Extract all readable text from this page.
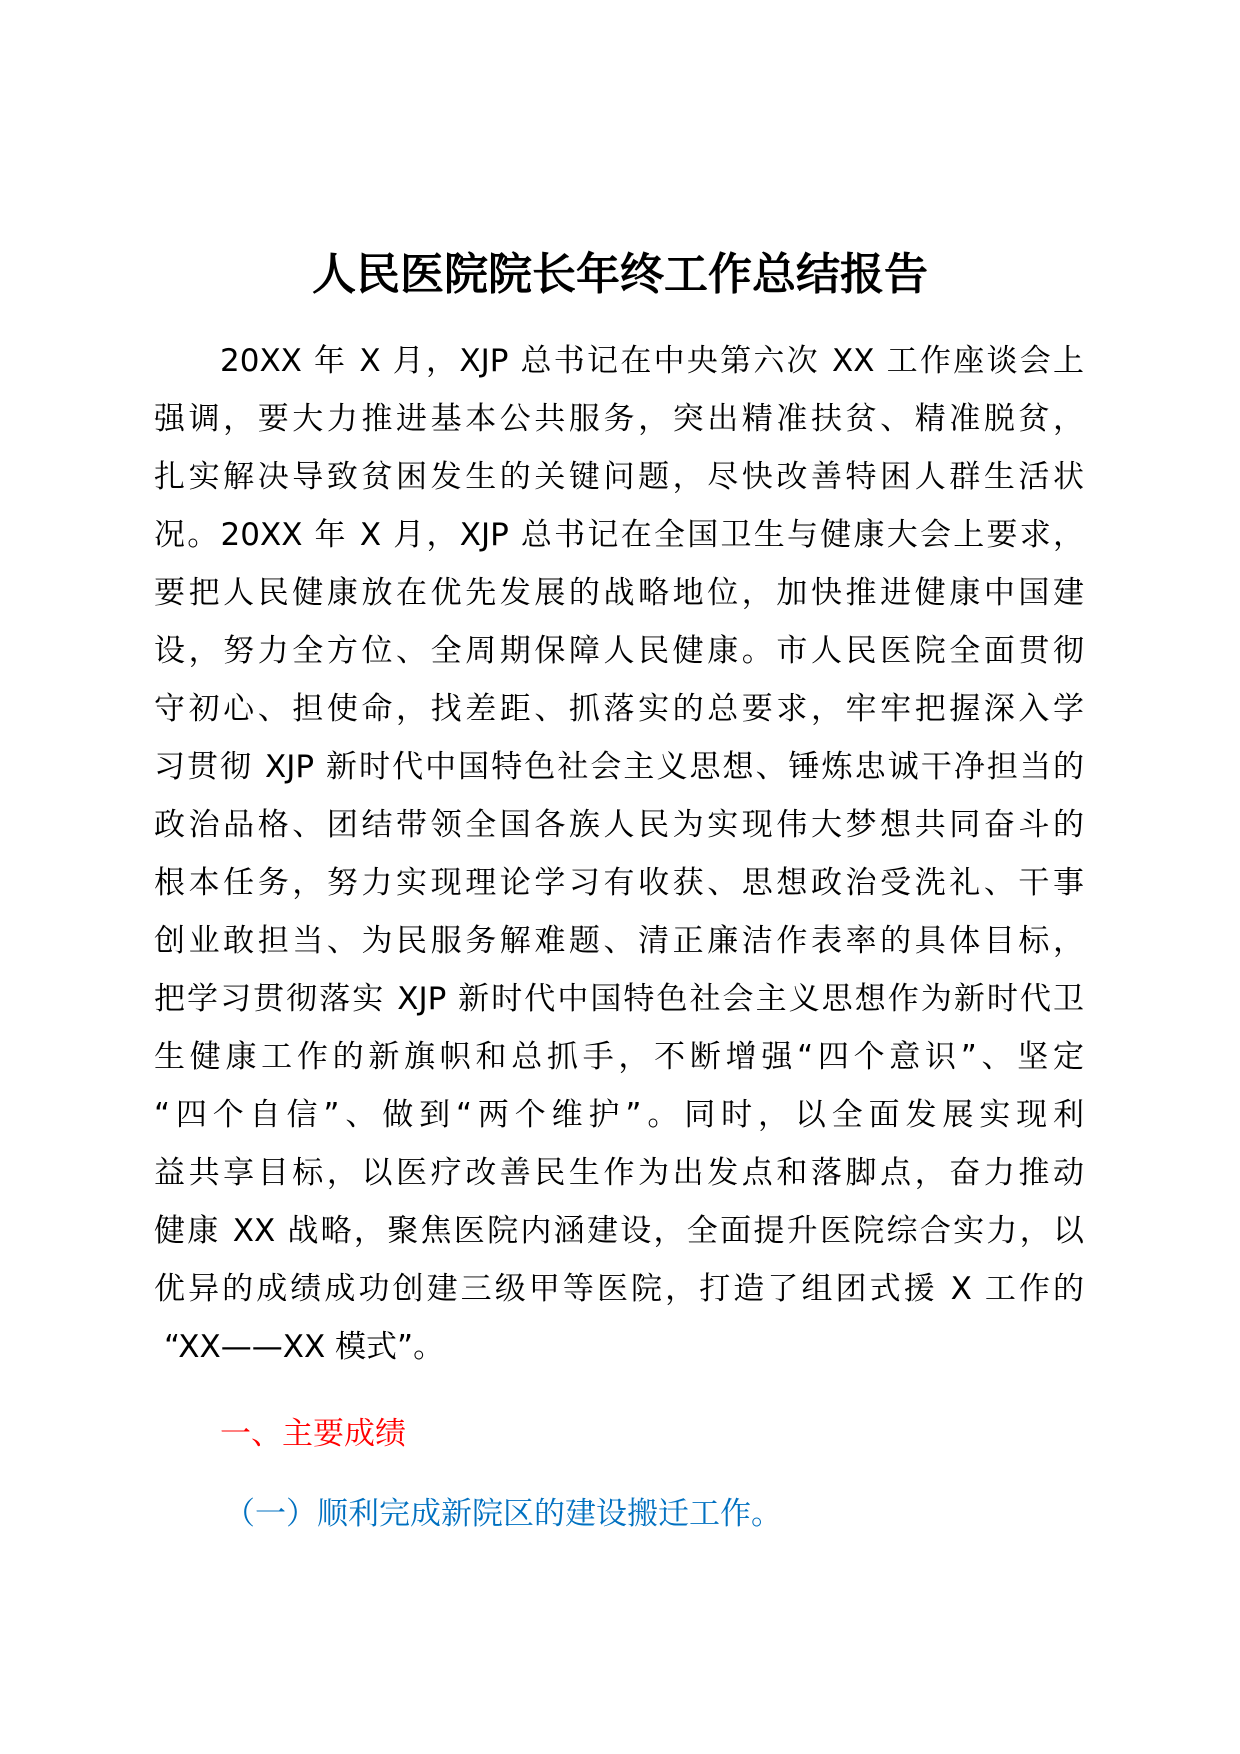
人民医院院长年终工作总结报告
20XX 年 X 月，XJP 总书记在中央第六次 XX 工作座谈会上
强调，要大力推进基本公共服务，突出精准扶贫、精准脱贫，
扎实解决导致贫困发生的关键问题，尽快改善特困人群生活状
况。20XX 年 X 月，XJP 总书记在全国卫生与健康大会上要求，
要把人民健康放在优先发展的战略地位，加快推进健康中国建
设，努力全方位、全周期保障人民健康。市人民医院全面贯彻
守初心、担使命，找差距、抓落实的总要求，牢牢把握深入学
习贯彻 XJP 新时代中国特色社会主义思想、锤炼忠诚干净担当的
政治品格、团结带领全国各族人民为实现伟大梦想共同奋斗的
根本任务，努力实现理论学习有收获、思想政治受洗礼、干事
创业敢担当、为民服务解难题、清正廉洁作表率的具体目标，
把学习贯彻落实 XJP 新时代中国特色社会主义思想作为新时代卫
生健康工作的新旗帜和总抓手，不断增强“四个意识”、坚定
“四个自信”、做到“两个维护”。同时，以全面发展实现利
益共享目标，以医疗改善民生作为出发点和落脚点，奋力推动
健康 XX 战略，聚焦医院内涵建设，全面提升医院综合实力，以
优异的成绩成功创建三级甲等医院，打造了组团式援 X 工作的
“XX——XX 模式”。
一、主要成绩
（一）顺利完成新院区的建设搬迁工作。
